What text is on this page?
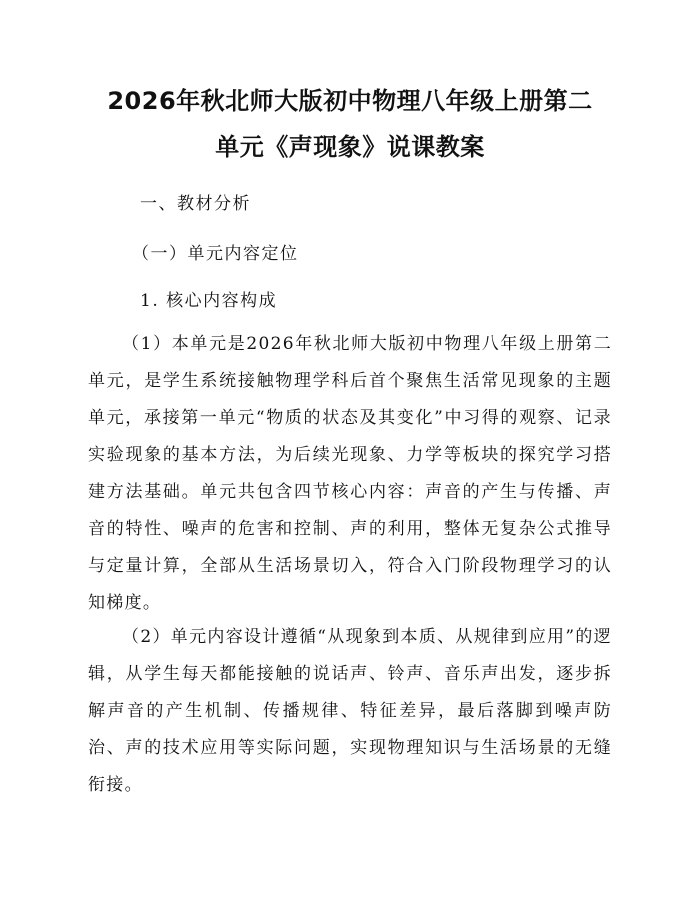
2026年秋北师大版初中物理八年级上册第二
单元《声现象》说课教案
一、教材分析
（一）单元内容定位
1. 核心内容构成

（1）本单元是2026年秋北师大版初中物理八年级上册第二单元，是学生系统接触物理学科后首个聚焦生活常见现象的主题单元，承接第一单元“物质的状态及其变化”中习得的观察、记录实验现象的基本方法，为后续光现象、力学等板块的探究学习搭建方法基础。单元共包含四节核心内容：声音的产生与传播、声音的特性、噪声的危害和控制、声的利用，整体无复杂公式推导与定量计算，全部从生活场景切入，符合入门阶段物理学习的认知梯度。

（2）单元内容设计遵循“从现象到本质、从规律到应用”的逻辑，从学生每天都能接触的说话声、铃声、音乐声出发，逐步拆解声音的产生机制、传播规律、特征差异，最后落脚到噪声防治、声的技术应用等实际问题，实现物理知识与生活场景的无缝衔接。
